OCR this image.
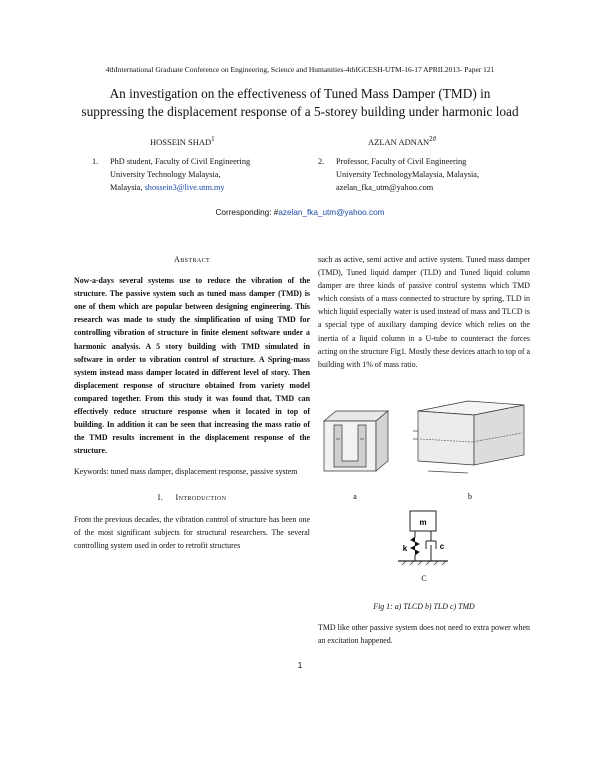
4thInternational Graduate Conference on Engineering, Science and Humanities-4thIGCESH-UTM-16-17 APRIL2013- Paper 121
An investigation on the effectiveness of Tuned Mass Damper (TMD) in
suppressing the displacement response of a 5-storey building under harmonic load
HOSSEIN SHAD$^1$	AZLAN $ADNAN^{2\#}$
1. PhD student, Faculty of Civil Engineering
University Technology Malaysia,
Malaysia, shossein3@live.utm.my
2. Professor, Faculty of Civil Engineering
University TechnologyMalaysia, Malaysia,
azelan_fka_utm@yahoo.com
Corresponding: #azelan_fka_utm@yahoo.com
Abstract

Now-a-days several systems use to reduce the vibration of the structure. The passive system such as tuned mass damper (TMD) is one of them which are popular between designing engineering. This research was made to study the simplification of using TMD for controlling vibration of structure in finite element software under a harmonic analysis. A 5 story building with TMD simulated in software in order to vibration control of structure. A Spring-mass system instead mass damper located in different level of story. Then displacement response of structure obtained from variety model compared together. From this study it was found that, TMD can effectively reduce structure response when it located in top of building. In addition it can be seen that increasing the mass ratio of the TMD results increment in the displacement response of the structure.

Keywords: tuned mass damper, displacement response, passive system

I. Introduction

From the previous decades, the vibration control of structure has been one of the most significant subjects for structural researchers. The several controlling system used in order to retrofit structures

such as active, semi active and active system. Tuned mass damper (TMD), Tuned liquid damper (TLD) and Tuned liquid column damper are three kinds of passive control systems which TMD which consists of a mass connected to structure by spring, TLD in which liquid especially water is used instead of mass and TLCD is a special type of auxiliary damping device which relies on the inertia of a liquid column in a U-tube to counteract the forces acting on the structure Fig1. Mostly these devices attach to top of a building with 1% of mass ratio.

a	b
m
k	c
C
Fig 1: a) TLCD b) TLD c) TMD

TMD like other passive system does not need to extra power when an excitation happened.

1
